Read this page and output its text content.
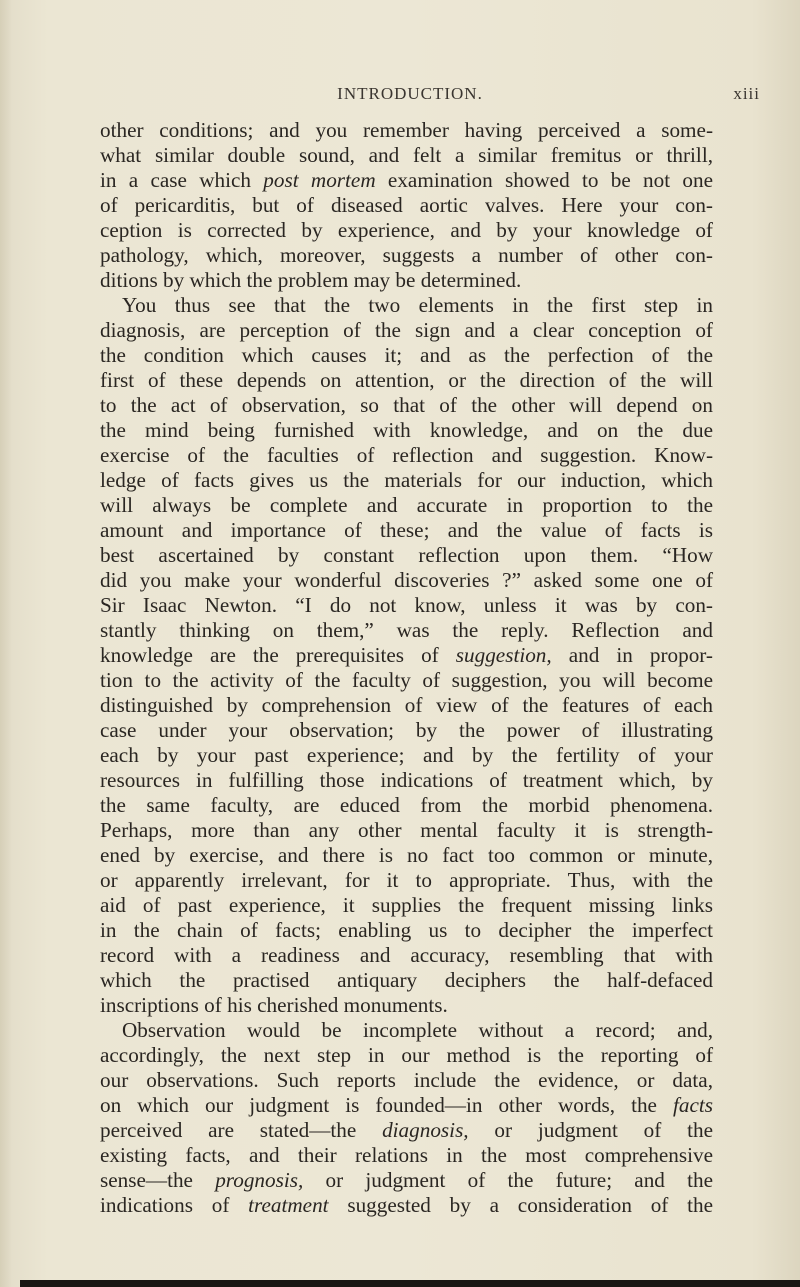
INTRODUCTION.	xiii
other conditions; and you remember having perceived a some-
what similar double sound, and felt a similar fremitus or thrill,
in a case which post mortem examination showed to be not one
of pericarditis, but of diseased aortic valves. Here your con-
ception is corrected by experience, and by your knowledge of
pathology, which, moreover, suggests a number of other con-
ditions by which the problem may be determined.
You thus see that the two elements in the first step in
diagnosis, are perception of the sign and a clear conception of
the condition which causes it; and as the perfection of the
first of these depends on attention, or the direction of the will
to the act of observation, so that of the other will depend on
the mind being furnished with knowledge, and on the due
exercise of the faculties of reflection and suggestion. Know-
ledge of facts gives us the materials for our induction, which
will always be complete and accurate in proportion to the
amount and importance of these; and the value of facts is
best ascertained by constant reflection upon them. “How
did you make your wonderful discoveries ?” asked some one of
Sir Isaac Newton. “I do not know, unless it was by con-
stantly thinking on them,” was the reply. Reflection and
knowledge are the prerequisites of suggestion, and in propor-
tion to the activity of the faculty of suggestion, you will become
distinguished by comprehension of view of the features of each
case under your observation; by the power of illustrating
each by your past experience; and by the fertility of your
resources in fulfilling those indications of treatment which, by
the same faculty, are educed from the morbid phenomena.
Perhaps, more than any other mental faculty it is strength-
ened by exercise, and there is no fact too common or minute,
or apparently irrelevant, for it to appropriate. Thus, with the
aid of past experience, it supplies the frequent missing links
in the chain of facts; enabling us to decipher the imperfect
record with a readiness and accuracy, resembling that with
which the practised antiquary deciphers the half-defaced
inscriptions of his cherished monuments.
Observation would be incomplete without a record; and,
accordingly, the next step in our method is the reporting of
our observations. Such reports include the evidence, or data,
on which our judgment is founded—in other words, the facts
perceived are stated—the diagnosis, or judgment of the
existing facts, and their relations in the most comprehensive
sense—the prognosis, or judgment of the future; and the
indications of treatment suggested by a consideration of the
